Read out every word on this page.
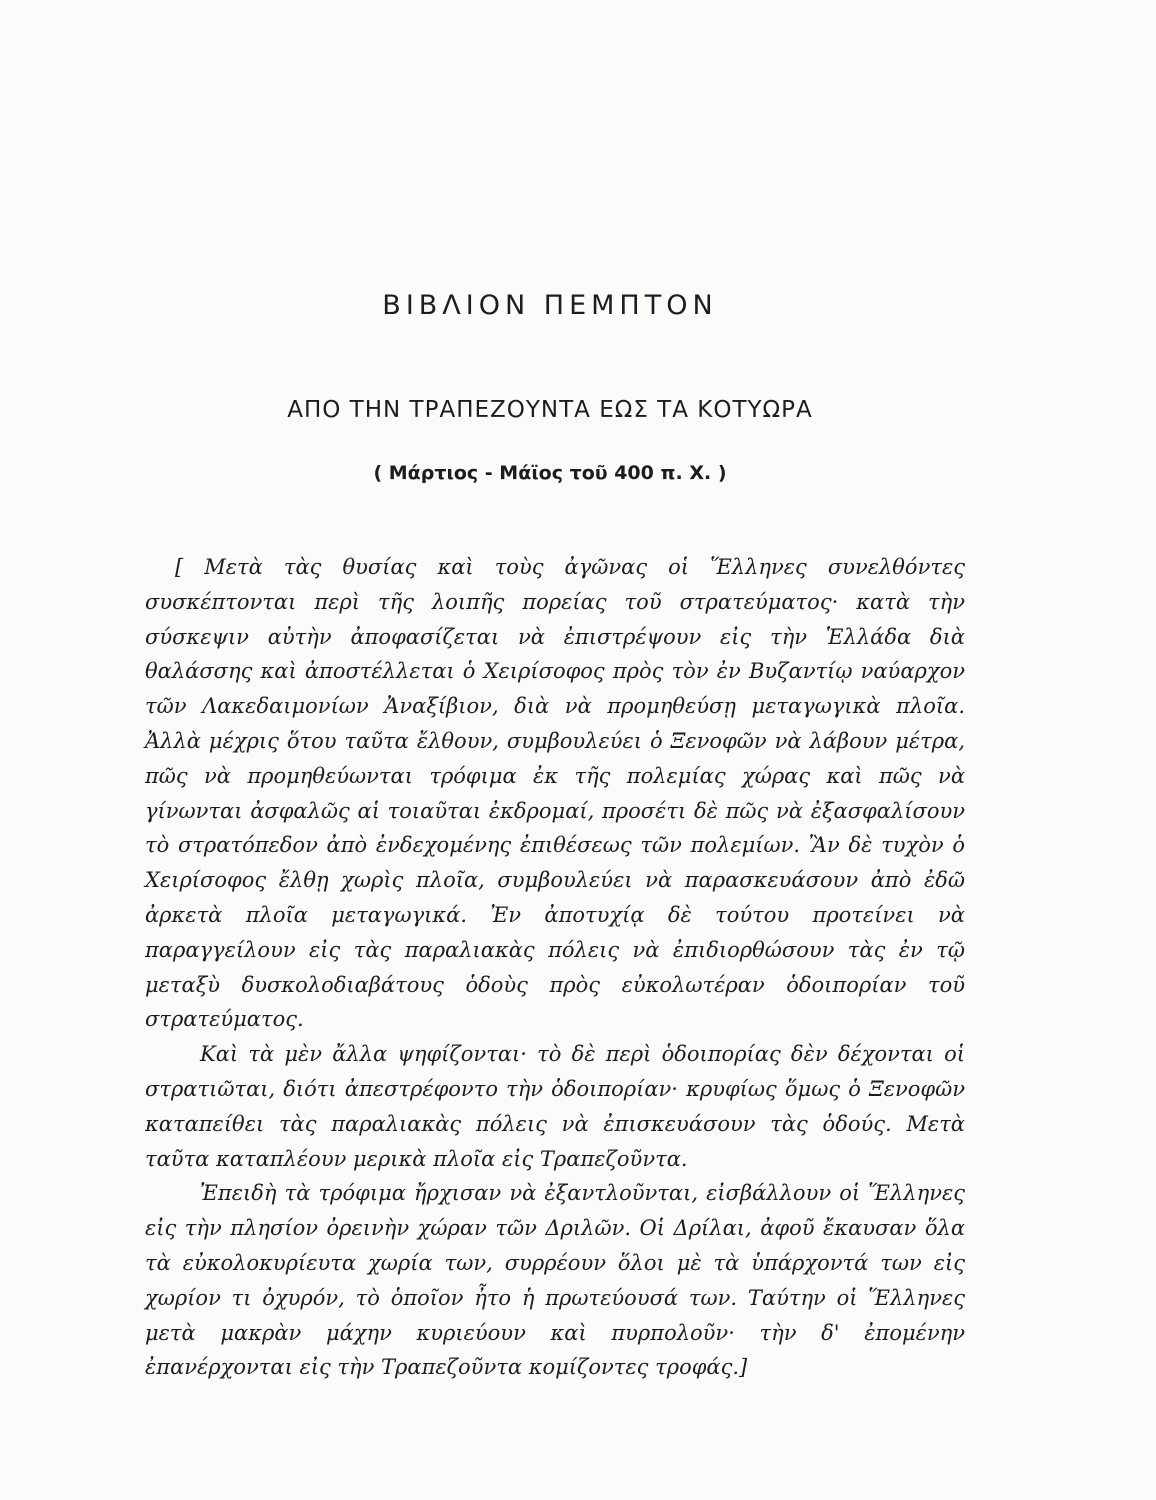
ΒΙΒΛΙΟΝ ΠΕΜΠΤΟΝ
ΑΠΟ ΤΗΝ ΤΡΑΠΕΖΟΥΝΤΑ ΕΩΣ ΤΑ ΚΟΤΥΩΡΑ
( Μάρτιος - Μάϊος τοῦ 400 π. Χ. )

[ Μετὰ τὰς θυσίας καὶ τοὺς ἀγῶνας οἱ Ἕλληνες συνελθόντες συσκέπτονται περὶ τῆς λοιπῆς πορείας τοῦ στρατεύματος· κατὰ τὴν σύσκεψιν αὐτὴν ἀποφασίζεται νὰ ἐπιστρέψουν εἰς τὴν Ἑλλάδα διὰ θαλάσσης καὶ ἀποστέλλεται ὁ Χειρίσοφος πρὸς τὸν ἐν Βυζαντίῳ ναύαρχον τῶν Λακεδαιμονίων Ἀναξίβιον, διὰ νὰ προμηθεύσῃ μεταγωγικὰ πλοῖα. Ἀλλὰ μέχρις ὅτου ταῦτα ἔλθουν, συμβουλεύει ὁ Ξενοφῶν νὰ λάβουν μέτρα, πῶς νὰ προμηθεύωνται τρόφιμα ἐκ τῆς πολεμίας χώρας καὶ πῶς νὰ γίνωνται ἀσφαλῶς αἱ τοιαῦται ἐκδρομαί, προσέτι δὲ πῶς νὰ ἐξασφαλίσουν τὸ στρατόπεδον ἀπὸ ἐνδεχομένης ἐπιθέσεως τῶν πολεμίων. Ἂν δὲ τυχὸν ὁ Χειρίσοφος ἔλθῃ χωρὶς πλοῖα, συμβουλεύει νὰ παρασκευάσουν ἀπὸ ἐδῶ ἀρκετὰ πλοῖα μεταγωγικά. Ἐν ἀποτυχίᾳ δὲ τούτου προτείνει νὰ παραγγείλουν εἰς τὰς παραλιακὰς πόλεις νὰ ἐπιδιορθώσουν τὰς ἐν τῷ μεταξὺ δυσκολοδιαβάτους ὁδοὺς πρὸς εὐκολωτέραν ὁδοιπορίαν τοῦ στρατεύματος.

Καὶ τὰ μὲν ἄλλα ψηφίζονται· τὸ δὲ περὶ ὁδοιπορίας δὲν δέχονται οἱ στρατιῶται, διότι ἀπεστρέφοντο τὴν ὁδοιπορίαν· κρυφίως ὅμως ὁ Ξενοφῶν καταπείθει τὰς παραλιακὰς πόλεις νὰ ἐπισκευάσουν τὰς ὁδούς. Μετὰ ταῦτα καταπλέουν μερικὰ πλοῖα εἰς Τραπεζοῦντα.

Ἐπειδὴ τὰ τρόφιμα ἤρχισαν νὰ ἐξαντλοῦνται, εἰσβάλλουν οἱ Ἕλληνες εἰς τὴν πλησίον ὀρεινὴν χώραν τῶν Δριλῶν. Οἱ Δρίλαι, ἀφοῦ ἔκαυσαν ὅλα τὰ εὐκολοκυρίευτα χωρία των, συρρέουν ὅλοι μὲ τὰ ὑπάρχοντά των εἰς χωρίον τι ὀχυρόν, τὸ ὁποῖον ἦτο ἡ πρωτεύουσά των. Ταύτην οἱ Ἕλληνες μετὰ μακρὰν μάχην κυριεύουν καὶ πυρπολοῦν· τὴν δ' ἐπομένην ἐπανέρχονται εἰς τὴν Τραπεζοῦντα κομίζοντες τροφάς.]
